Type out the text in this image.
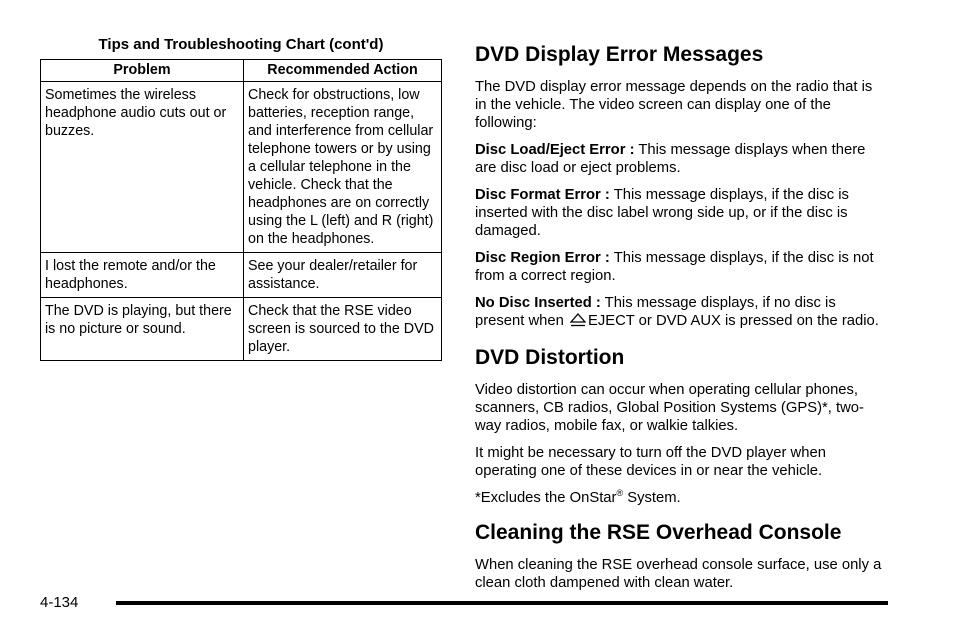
Tips and Troubleshooting Chart (cont'd)
Problem	Recommended Action
Sometimes the wireless headphone audio cuts out or buzzes.	Check for obstructions, low batteries, reception range, and interference from cellular telephone towers or by using a cellular telephone in the vehicle. Check that the headphones are on correctly using the L (left) and R (right) on the headphones.
I lost the remote and/or the headphones.	See your dealer/retailer for assistance.
The DVD is playing, but there is no picture or sound.	Check that the RSE video screen is sourced to the DVD player.
DVD Display Error Messages

The DVD display error message depends on the radio that is in the vehicle. The video screen can display one of the following:

Disc Load/Eject Error : This message displays when there are disc load or eject problems.

Disc Format Error : This message displays, if the disc is inserted with the disc label wrong side up, or if the disc is damaged.

Disc Region Error : This message displays, if the disc is not from a correct region.

No Disc Inserted : This message displays, if no disc is present when EJECT or DVD AUX is pressed on the radio.

DVD Distortion

Video distortion can occur when operating cellular phones, scanners, CB radios, Global Position Systems (GPS)*, two-way radios, mobile fax, or walkie talkies.

It might be necessary to turn off the DVD player when operating one of these devices in or near the vehicle.

*Excludes the OnStar® System.

Cleaning the RSE Overhead Console

When cleaning the RSE overhead console surface, use only a clean cloth dampened with clean water.

4-134
